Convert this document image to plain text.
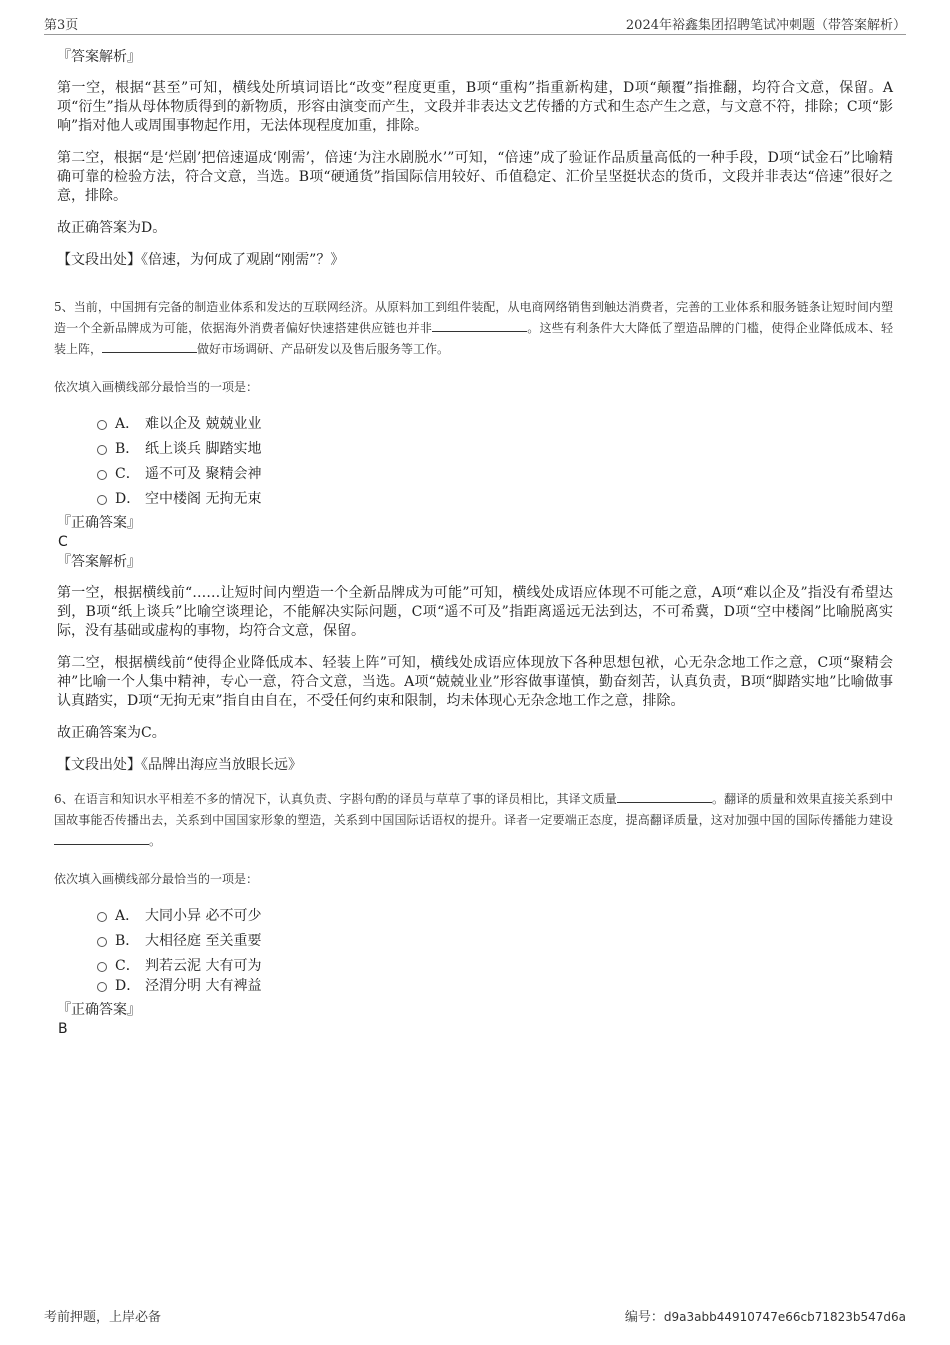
第3页	2024年裕鑫集团招聘笔试冲刺题（带答案解析）

『答案解析』

第一空，根据“甚至”可知，横线处所填词语比“改变”程度更重，B项“重构”指重新构建，D项“颠覆”指推翻，均符合文意，保留。A项“衍生”指从母体物质得到的新物质，形容由演变而产生，文段并非表达文艺传播的方式和生态产生之意，与文意不符，排除；C项“影响”指对他人或周围事物起作用，无法体现程度加重，排除。

第二空，根据“是‘烂剧’把倍速逼成‘刚需’，倍速‘为注水剧脱水’”可知，“倍速”成了验证作品质量高低的一种手段，D项“试金石”比喻精确可靠的检验方法，符合文意，当选。B项“硬通货”指国际信用较好、币值稳定、汇价呈坚挺状态的货币，文段并非表达“倍速”很好之意，排除。

故正确答案为D。

【文段出处】《倍速，为何成了观剧“刚需”？》

5、当前，中国拥有完备的制造业体系和发达的互联网经济。从原料加工到组件装配，从电商网络销售到触达消费者，完善的工业体系和服务链条让短时间内塑造一个全新品牌成为可能，依据海外消费者偏好快速搭建供应链也并非	。这些有利条件大大降低了塑造品牌的门槛，使得企业降低成本、轻装上阵，	做好市场调研、产品研发以及售后服务等工作。

依次填入画横线部分最恰当的一项是：

A． 难以企及 兢兢业业
B． 纸上谈兵 脚踏实地
C． 遥不可及 聚精会神
D． 空中楼阁 无拘无束

『正确答案』

C

『答案解析』

第一空，根据横线前“……让短时间内塑造一个全新品牌成为可能”可知，横线处成语应体现不可能之意，A项“难以企及”指没有希望达到，B项“纸上谈兵”比喻空谈理论，不能解决实际问题，C项“遥不可及”指距离遥远无法到达，不可希冀，D项“空中楼阁”比喻脱离实际，没有基础或虚构的事物，均符合文意，保留。

第二空，根据横线前“使得企业降低成本、轻装上阵”可知，横线处成语应体现放下各种思想包袱，心无杂念地工作之意，C项“聚精会神”比喻一个人集中精神，专心一意，符合文意，当选。A项“兢兢业业”形容做事谨慎，勤奋刻苦，认真负责，B项“脚踏实地”比喻做事认真踏实，D项“无拘无束”指自由自在，不受任何约束和限制，均未体现心无杂念地工作之意，排除。

故正确答案为C。

【文段出处】《品牌出海应当放眼长远》

6、在语言和知识水平相差不多的情况下，认真负责、字斟句酌的译员与草草了事的译员相比，其译文质量	。翻译的质量和效果直接关系到中国故事能否传播出去，关系到中国国家形象的塑造，关系到中国国际话语权的提升。译者一定要端正态度，提高翻译质量，这对加强中国的国际传播能力建设。

依次填入画横线部分最恰当的一项是：

A． 大同小异 必不可少
B． 大相径庭 至关重要
C． 判若云泥 大有可为
D． 泾渭分明 大有裨益

『正确答案』

B

考前押题，上岸必备	编号：d9a3abb44910747e66cb71823b547d6a
